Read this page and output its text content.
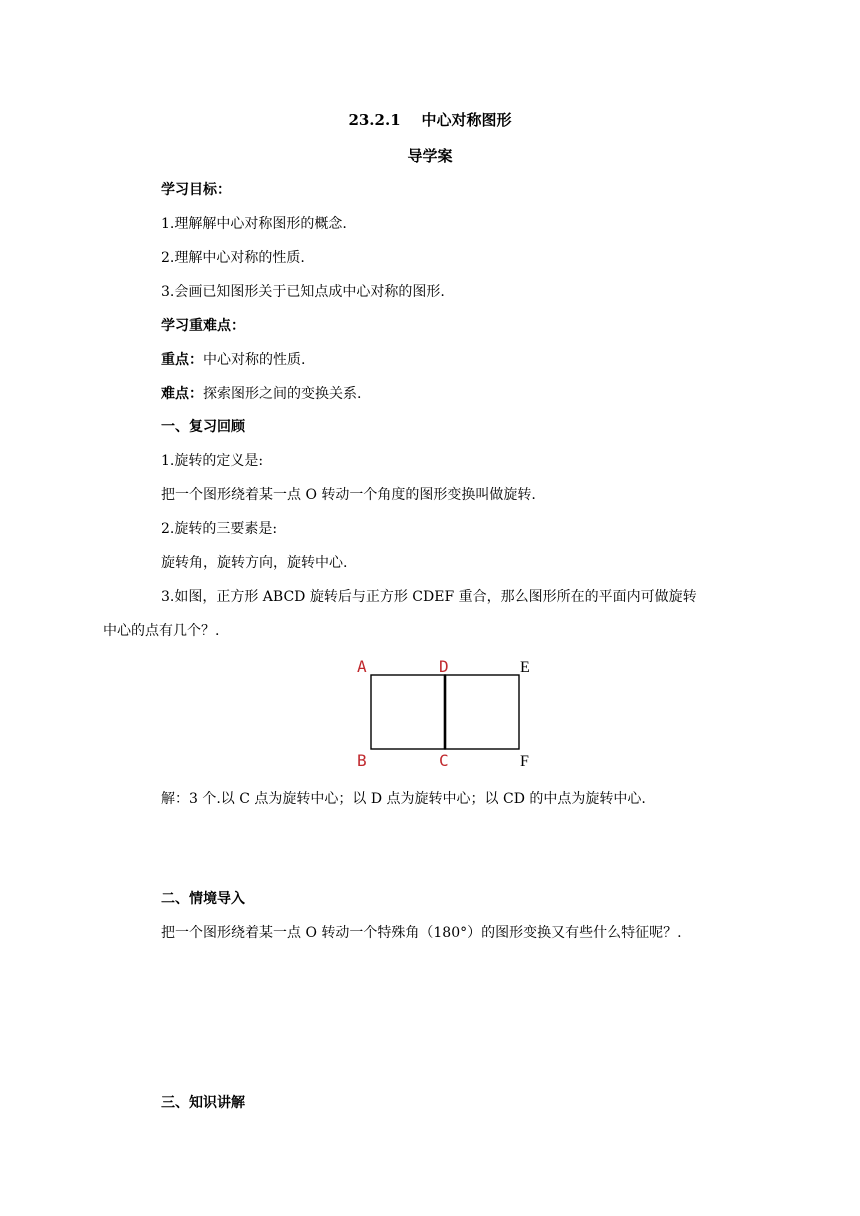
23.2.1 中心对称图形
导学案
学习目标：
1.理解解中心对称图形的概念.
2.理解中心对称的性质.
3.会画已知图形关于已知点成中心对称的图形.
学习重难点：
重点：中心对称的性质.
难点：探索图形之间的变换关系.
一、复习回顾
1.旋转的定义是:
把一个图形绕着某一点 O 转动一个角度的图形变换叫做旋转.
2.旋转的三要素是:
旋转角，旋转方向，旋转中心.
3.如图，正方形 ABCD 旋转后与正方形 CDEF 重合，那么图形所在的平面内可做旋转
中心的点有几个？.
A	D	E
B	C	F
解：3 个.以 C 点为旋转中心；以 D 点为旋转中心；以 CD 的中点为旋转中心.
二、情境导入
把一个图形绕着某一点 O 转动一个特殊角（180°）的图形变换又有些什么特征呢？.
三、知识讲解
